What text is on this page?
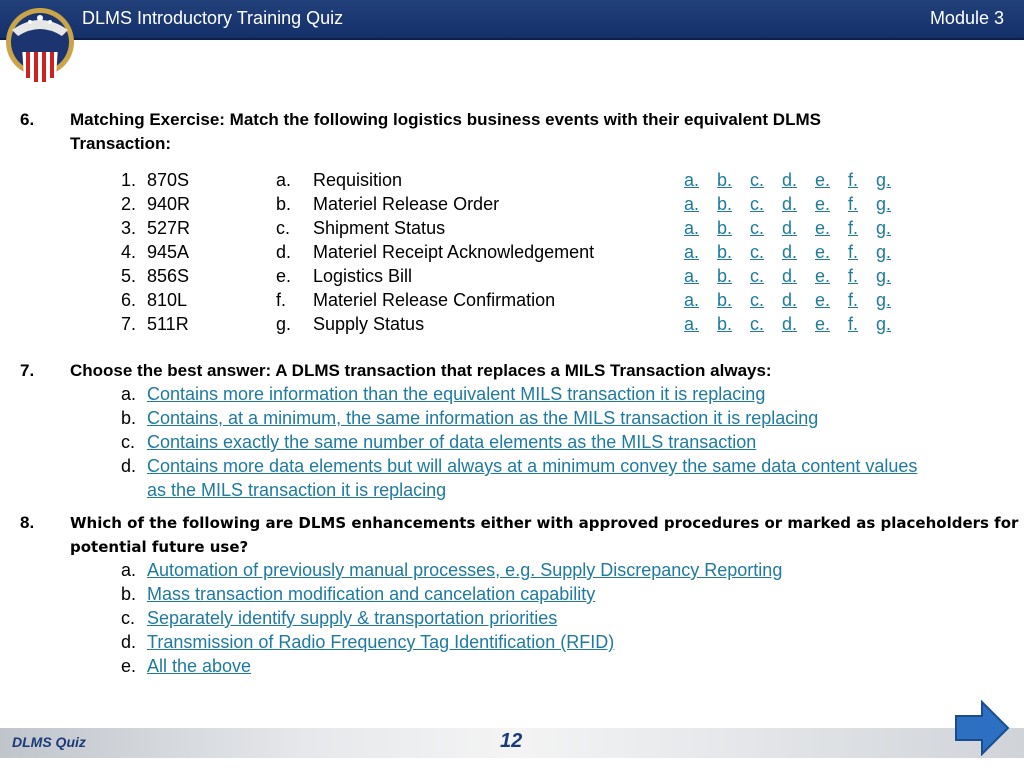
DLMS Introductory Training Quiz	Module 3
6. Matching Exercise: Match the following logistics business events with their equivalent DLMS
Transaction:
1. 870S	a. Requisition	a. b. c. d. e. f. g.
2. 940R	b. Materiel Release Order	a. b. c. d. e. f. g.
3. 527R	c. Shipment Status	a. b. c. d. e. f. g.
4. 945A	d. Materiel Receipt Acknowledgement	a. b. c. d. e. f. g.
5. 856S	e. Logistics Bill	a. b. c. d. e. f. g.
6. 810L	f. Materiel Release Confirmation	a. b. c. d. e. f. g.
7. 511R	g. Supply Status	a. b. c. d. e. f. g.
7. Choose the best answer: A DLMS transaction that replaces a MILS Transaction always:
a. Contains more information than the equivalent MILS transaction it is replacing
b. Contains, at a minimum, the same information as the MILS transaction it is replacing
c. Contains exactly the same number of data elements as the MILS transaction
d. Contains more data elements but will always at a minimum convey the same data content values
as the MILS transaction it is replacing
8. Which of the following are DLMS enhancements either with approved procedures or marked as placeholders for
potential future use?
a. Automation of previously manual processes, e.g. Supply Discrepancy Reporting
b. Mass transaction modification and cancelation capability
c. Separately identify supply & transportation priorities
d. Transmission of Radio Frequency Tag Identification (RFID)
e. All the above
DLMS Quiz	12
